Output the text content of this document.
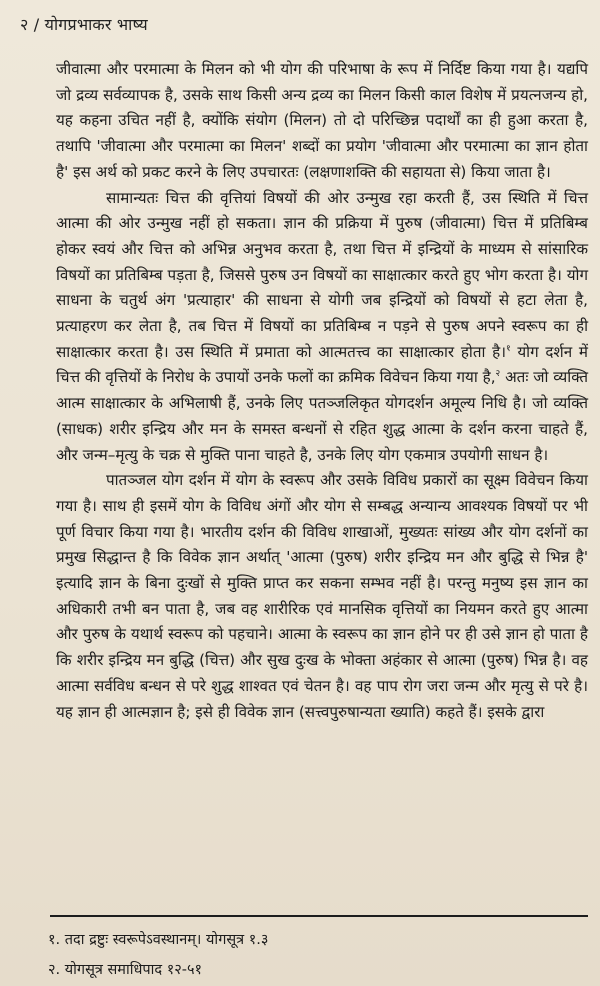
२ / योगप्रभाकर भाष्य

जीवात्मा और परमात्मा के मिलन को भी योग की परिभाषा के रूप में निर्दिष्ट किया गया है। यद्यपि जो द्रव्य सर्वव्यापक है, उसके साथ किसी अन्य द्रव्य का मिलन किसी काल विशेष में प्रयत्नजन्य हो, यह कहना उचित नहीं है, क्योंकि संयोग (मिलन) तो दो परिच्छिन्न पदार्थों का ही हुआ करता है, तथापि 'जीवात्मा और परमात्मा का मिलन' शब्दों का प्रयोग 'जीवात्मा और परमात्मा का ज्ञान होता है' इस अर्थ को प्रकट करने के लिए उपचारतः (लक्षणाशक्ति की सहायता से) किया जाता है।

सामान्यतः चित्त की वृत्तियां विषयों की ओर उन्मुख रहा करती हैं, उस स्थिति में चित्त आत्मा की ओर उन्मुख नहीं हो सकता। ज्ञान की प्रक्रिया में पुरुष (जीवात्मा) चित्त में प्रतिबिम्ब होकर स्वयं और चित्त को अभिन्न अनुभव करता है, तथा चित्त में इन्द्रियों के माध्यम से सांसारिक विषयों का प्रतिबिम्ब पड़ता है, जिससे पुरुष उन विषयों का साक्षात्कार करते हुए भोग करता है। योग साधना के चतुर्थ अंग 'प्रत्याहार' की साधना से योगी जब इन्द्रियों को विषयों से हटा लेता है, प्रत्याहरण कर लेता है, तब चित्त में विषयों का प्रतिबिम्ब न पड़ने से पुरुष अपने स्वरूप का ही साक्षात्कार करता है। उस स्थिति में प्रमाता को आत्मतत्त्व का साक्षात्कार होता है।$^१$ योग दर्शन में चित्त की वृत्तियों के निरोध के उपायों उनके फलों का क्रमिक विवेचन किया गया है,$^२$ अतः जो व्यक्ति आत्म साक्षात्कार के अभिलाषी हैं, उनके लिए पतञ्जलिकृत योगदर्शन अमूल्य निधि है। जो व्यक्ति (साधक) शरीर इन्द्रिय और मन के समस्त बन्धनों से रहित शुद्ध आत्मा के दर्शन करना चाहते हैं, और जन्म–मृत्यु के चक्र से मुक्ति पाना चाहते है, उनके लिए योग एकमात्र उपयोगी साधन है।

पातञ्जल योग दर्शन में योग के स्वरूप और उसके विविध प्रकारों का सूक्ष्म विवेचन किया गया है। साथ ही इसमें योग के विविध अंगों और योग से सम्बद्ध अन्यान्य आवश्यक विषयों पर भी पूर्ण विचार किया गया है। भारतीय दर्शन की विविध शाखाओं, मुख्यतः सांख्य और योग दर्शनों का प्रमुख सिद्धान्त है कि विवेक ज्ञान अर्थात् 'आत्मा (पुरुष) शरीर इन्द्रिय मन और बुद्धि से भिन्न है' इत्यादि ज्ञान के बिना दुःखों से मुक्ति प्राप्त कर सकना सम्भव नहीं है। परन्तु मनुष्य इस ज्ञान का अधिकारी तभी बन पाता है, जब वह शारीरिक एवं मानसिक वृत्तियों का नियमन करते हुए आत्मा और पुरुष के यथार्थ स्वरूप को पहचाने। आत्मा के स्वरूप का ज्ञान होने पर ही उसे ज्ञान हो पाता है कि शरीर इन्द्रिय मन बुद्धि (चित्त) और सुख दुःख के भोक्ता अहंकार से आत्मा (पुरुष) भिन्न है। वह आत्मा सर्वविध बन्धन से परे शुद्ध शाश्वत एवं चेतन है। वह पाप रोग जरा जन्म और मृत्यु से परे है। यह ज्ञान ही आत्मज्ञान है; इसे ही विवेक ज्ञान (सत्त्वपुरुषान्यता ख्याति) कहते हैं। इसके द्वारा

१. तदा द्रष्टुः स्वरूपेऽवस्थानम्। योगसूत्र १.३
२. योगसूत्र समाधिपाद १२-५१
